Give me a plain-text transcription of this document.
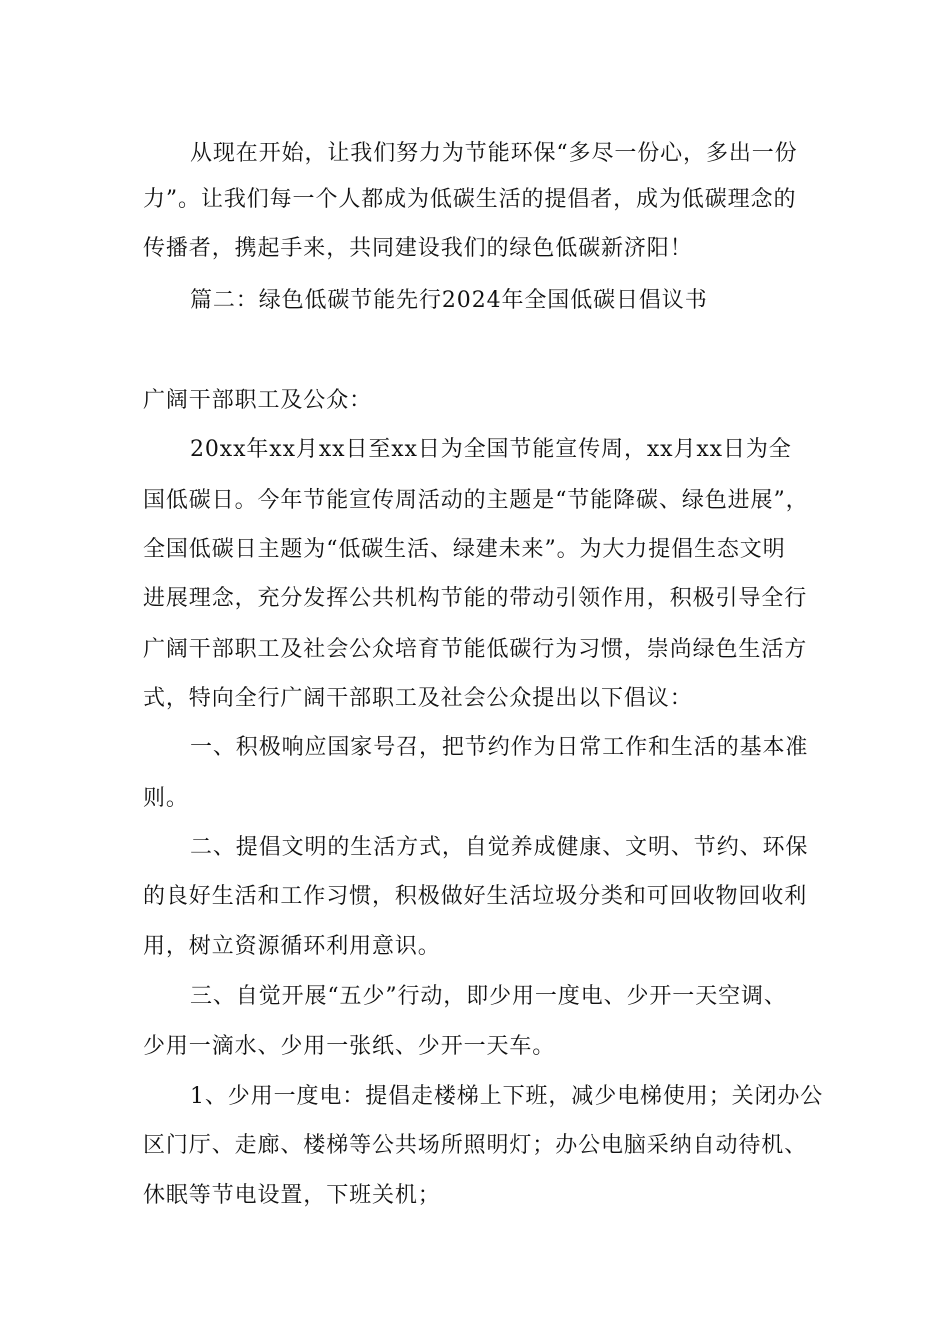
从现在开始，让我们努力为节能环保“多尽一份心，多出一份
力”。让我们每一个人都成为低碳生活的提倡者，成为低碳理念的
传播者，携起手来，共同建设我们的绿色低碳新济阳！
篇二：绿色低碳节能先行2024年全国低碳日倡议书
广阔干部职工及公众：
20xx年xx月xx日至xx日为全国节能宣传周，xx月xx日为全
国低碳日。今年节能宣传周活动的主题是“节能降碳、绿色进展”，
全国低碳日主题为“低碳生活、绿建未来”。为大力提倡生态文明
进展理念，充分发挥公共机构节能的带动引领作用，积极引导全行
广阔干部职工及社会公众培育节能低碳行为习惯，崇尚绿色生活方
式，特向全行广阔干部职工及社会公众提出以下倡议：
一、积极响应国家号召，把节约作为日常工作和生活的基本准
则。
二、提倡文明的生活方式，自觉养成健康、文明、节约、环保
的良好生活和工作习惯，积极做好生活垃圾分类和可回收物回收利
用，树立资源循环利用意识。
三、自觉开展“五少”行动，即少用一度电、少开一天空调、
少用一滴水、少用一张纸、少开一天车。
1、少用一度电：提倡走楼梯上下班，减少电梯使用；关闭办公
区门厅、走廊、楼梯等公共场所照明灯；办公电脑采纳自动待机、
休眠等节电设置，下班关机；
